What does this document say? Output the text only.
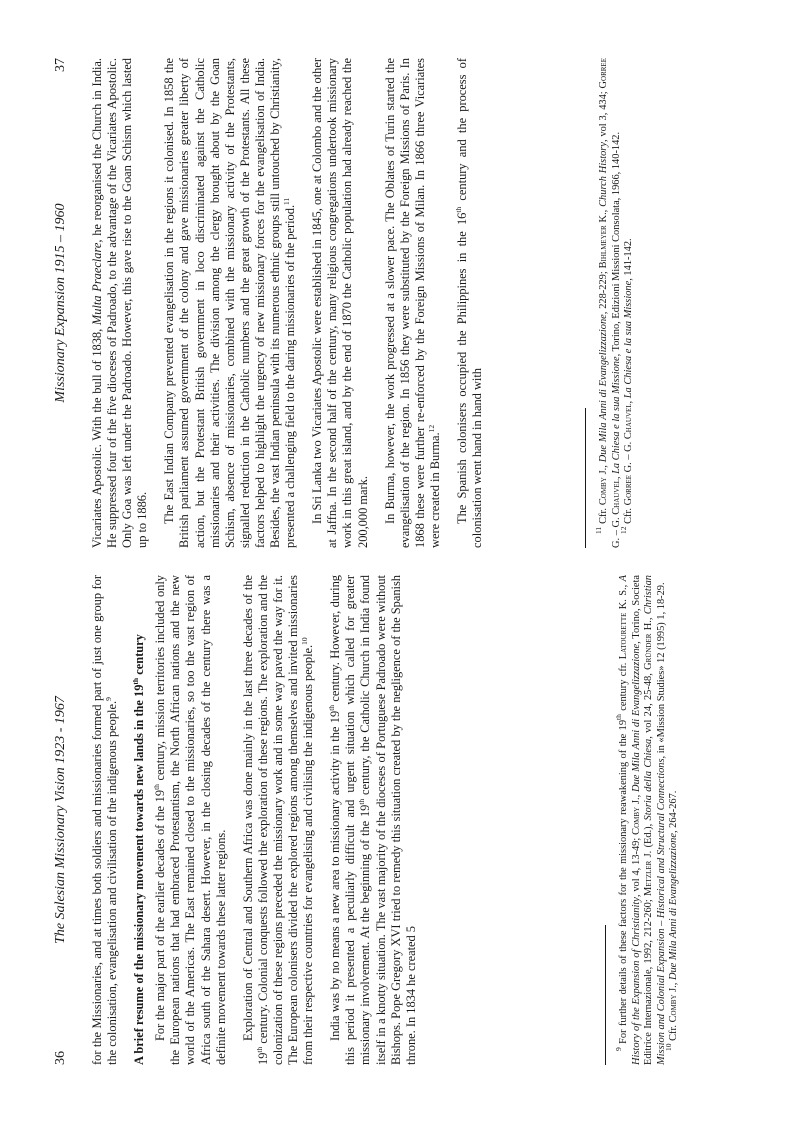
36
The Salesian Missionary Vision 1923 - 1967 for the Missionaries, and at times both soldiers and missionaries formed part of just one group for the colonisation, evangelisation and civilisation of the indigenous people.$^9$	A brief resume of the missionary movement towards new lands in the 19th century

For the major part of the earlier decades of the 19th century, mission territories included only the European nations that had embraced Protestantism, the North African nations and the new world of the Americas. The East remained closed to the missionaries, so too the vast region of Africa south of the Sahara desert. However, in the closing decades of the century there was a definite movement towards these latter regions. Exploration of Central and Southern Africa was done mainly in the last three decades of the 19th century. Colonial conquests followed the exploration of these regions. The exploration and the colonization of these regions preceded the missionary work and in some way paved the way for it. The European colonisers divided the explored regions among themselves and invited missionaries from their respective countries for evangelising and civilising the indigenous people.$^{10}$

India was by no means a new area to missionary activity in the 19th century. However, during this period it presented a peculiarly difficult and urgent situation which called for greater missionary involvement. At the beginning of the 19th century, the Catholic Church in India found itself in a knotty situation. The vast majority of the dioceses of Portuguese Padroado were without Bishops. Pope Gregory XVI tried to remedy this situation created by the negligence of the Spanish throne. In 1834 he created 5	$^9$ For further details of these factors for the missionary reawakening of the 19th century cfr. Latourette K. S., A History of the Expansion of Christianity, vol 4, 13-49; Comby J., Due Mila Anni di Evangelizzazione, Torino, Societa Editrice Internazionale, 1992, 212-260; Metzler J. (Ed.), Storia della Chiesa, vol 24, 25-48, Gründer H., Christian Mission and Colonial Expansion – Historical and Structural Connections, in «Mission Studies» 12 (1995) 1, 18-29.

$^{10}$ Cfr. Comby J., Due Mila Anni di Evangelizzazione, 264-267.

Missionary Expansion 1915 – 1960
37

Vicariates Apostolic. With the bull of 1838, Multa Praeclare, he reorganised the Church in India. He suppressed four of the five dioceses of Padroado, to the advantage of the Vicariates Apostolic. Only Goa was left under the Padroado. However, this gave rise to the Goan Schism which lasted up to 1886. The East Indian Company prevented evangelisation in the regions it colonised. In 1858 the British parliament assumed government of the colony and gave missionaries greater liberty of action, but the Protestant British government in loco discriminated against the Catholic missionaries and their activities. The division among the clergy brought about by the Goan Schism, absence of missionaries, combined with the missionary activity of the Protestants, signalled reduction in the Catholic numbers and the great growth of the Protestants. All these factors helped to highlight the urgency of new missionary forces for the evangelisation of India. Besides, the vast Indian peninsula with its numerous ethnic groups still untouched by Christianity, presented a challenging field to the daring missionaries of the period.$^{11}$	In Sri Lanka two Vicariates Apostolic were established in 1845, one at Colombo and the other at Jaffna. In the second half of the century, many religious congregations undertook missionary work in this great island, and by the end of 1870 the Catholic population had already reached the 200,000 mark. In Burma, however, the work progressed at a slower pace. The Oblates of Turin started the evangelisation of the region. In 1856 they were substituted by the Foreign Missions of Paris. In 1868 these were further re-enforced by the Foreign Missions of Milan. In 1866 three Vicariates were created in Burma.$^{12}$	The Spanish colonisers occupied the Philippines in the 16th century and the process of colonisation went hand in hand with	$^{11}$ Cfr. Comby J., Due Mila Anni di Evangelizzazione, 228-229; Bihlmeyer K., Church History, vol 3, 434; Gorree G. – G. Chauvel, La Chiesa e la sua Missione, Torino, Edizioni Missioni Consolata, 1966, 140-142.

$^{12}$ Cfr. Gorree G. – G. Chauvel, La Chiesa e la sua Missione, 141-142.
